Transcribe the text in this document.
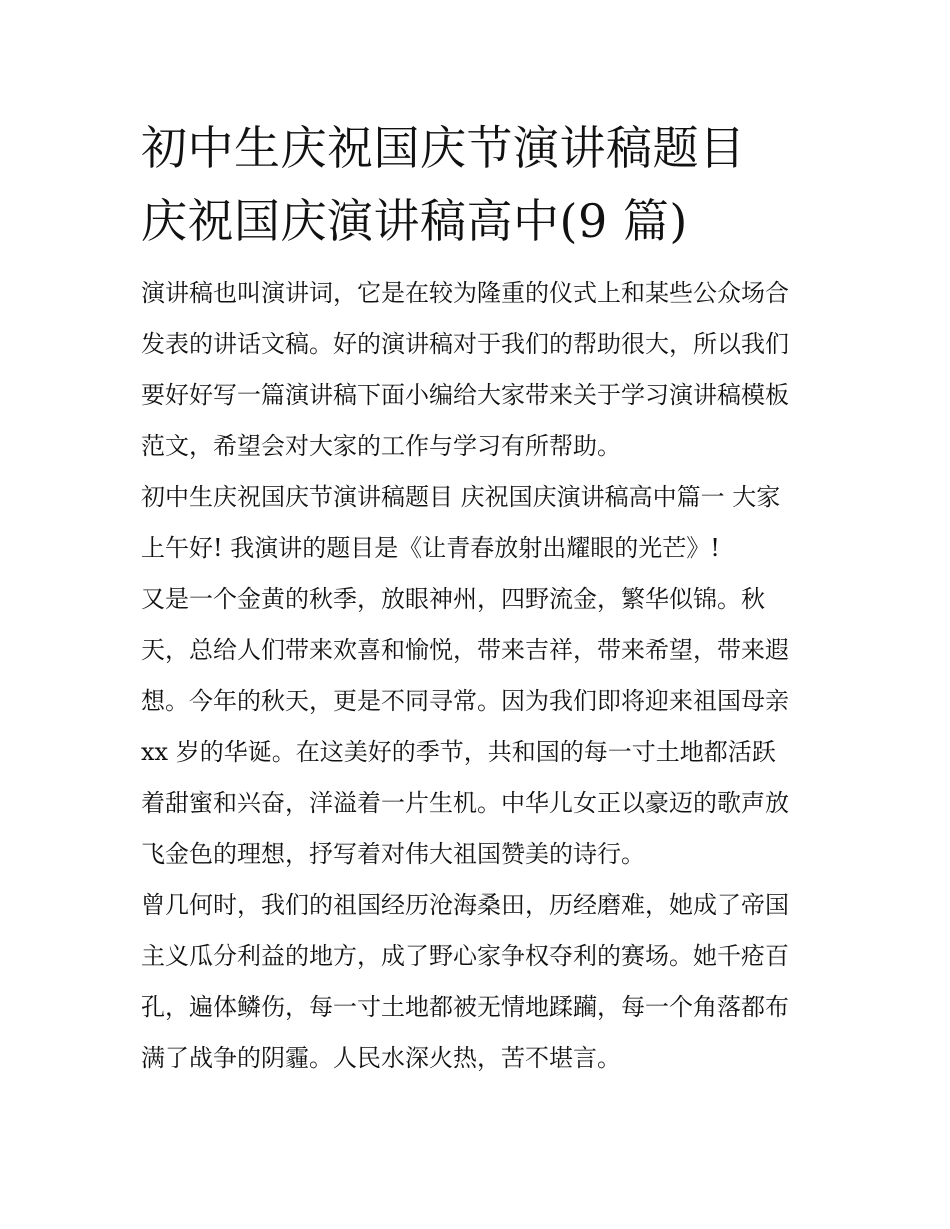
初中生庆祝国庆节演讲稿题目
庆祝国庆演讲稿高中(9 篇)

演讲稿也叫演讲词，它是在较为隆重的仪式上和某些公众场合
发表的讲话文稿。好的演讲稿对于我们的帮助很大，所以我们
要好好写一篇演讲稿下面小编给大家带来关于学习演讲稿模板
范文，希望会对大家的工作与学习有所帮助。

初中生庆祝国庆节演讲稿题目 庆祝国庆演讲稿高中篇一 大家
上午好! 我演讲的题目是《让青春放射出耀眼的光芒》!

又是一个金黄的秋季，放眼神州，四野流金，繁华似锦。秋
天，总给人们带来欢喜和愉悦，带来吉祥，带来希望，带来遐
想。今年的秋天，更是不同寻常。因为我们即将迎来祖国母亲
xx 岁的华诞。在这美好的季节，共和国的每一寸土地都活跃
着甜蜜和兴奋，洋溢着一片生机。中华儿女正以豪迈的歌声放
飞金色的理想，抒写着对伟大祖国赞美的诗行。

曾几何时，我们的祖国经历沧海桑田，历经磨难，她成了帝国
主义瓜分利益的地方，成了野心家争权夺利的赛场。她千疮百
孔，遍体鳞伤，每一寸土地都被无情地蹂躏，每一个角落都布
满了战争的阴霾。人民水深火热，苦不堪言。
